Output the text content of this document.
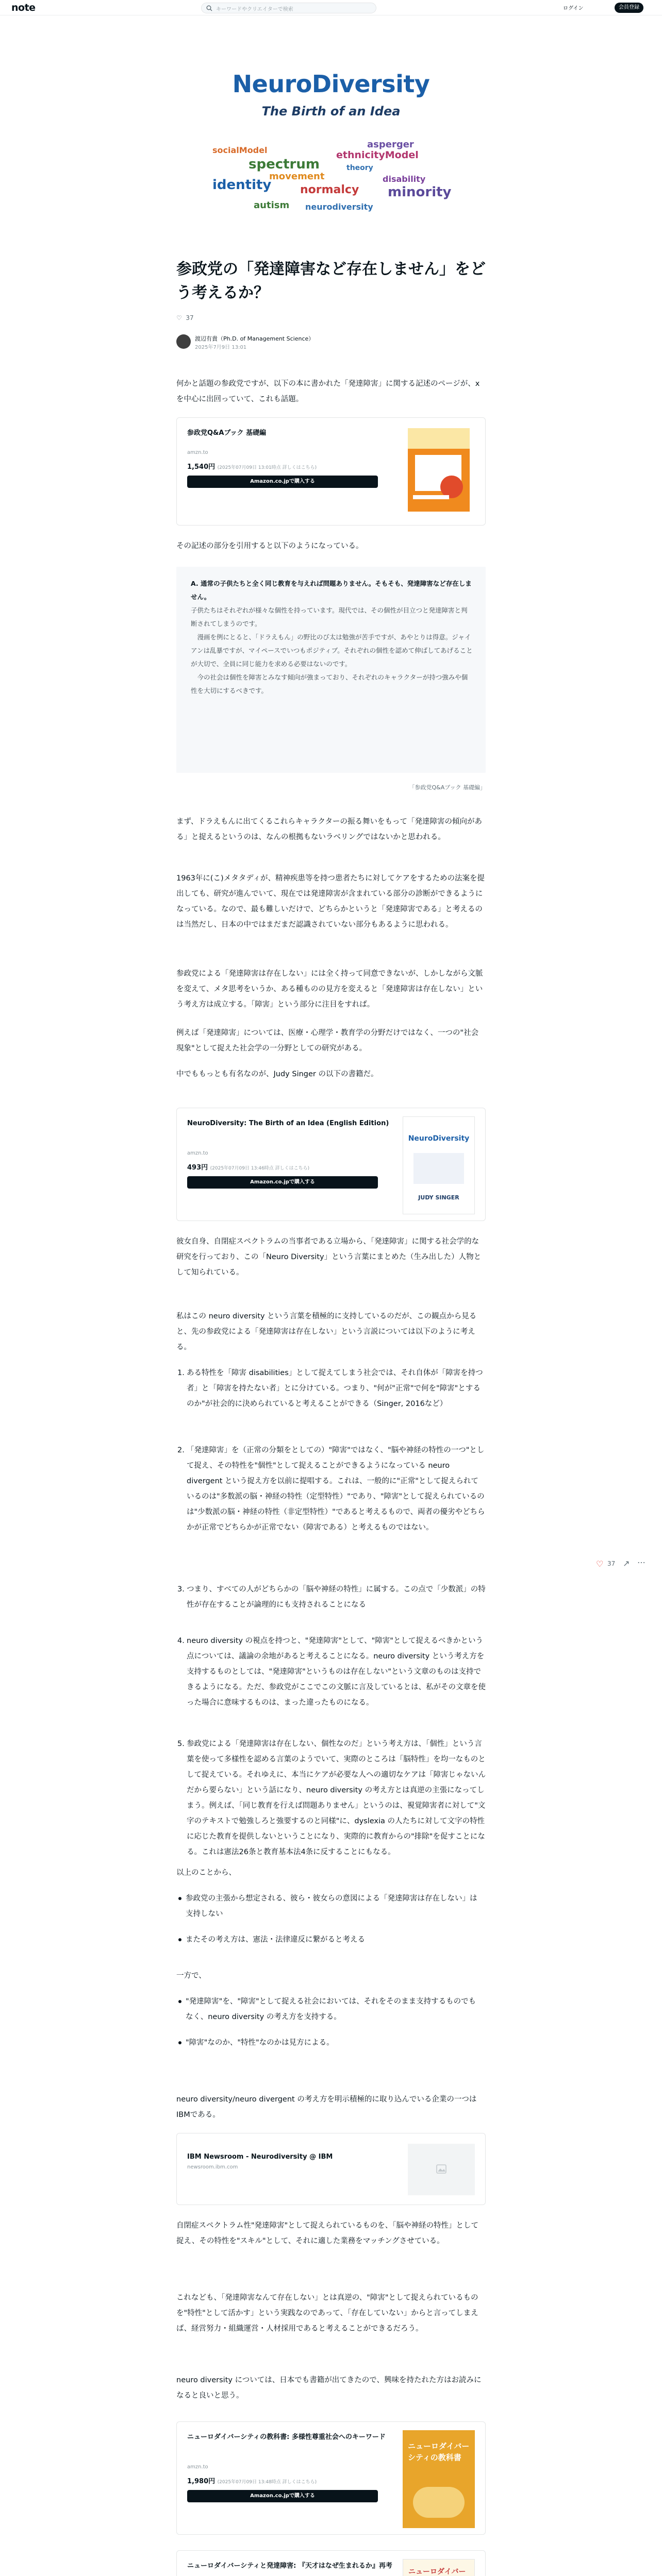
note	キーワードやクリエイターで検索	ログイン	会員登録
NeuroDiversity
The Birth of an Idea
asperger
socialModel	ethnicityModel
spectrum	theory
disability
identity	normalcy minority
movement
autism neurodiversity
参政党の「発達障害など存在しません」をどう考えるか？
♡ 37
渡辺有貴（Ph.D. of Management Science）
2025年7月9日 13:01

何かと話題の参政党ですが、以下の本に書かれた「発達障害」に関する記述のページが、xを中心に出回っていて、これも話題。

参政党Q&Aブック 基礎編
amzn.to
1,540円 (2025年07月09日 13:01時点 詳しくはこちら)
Amazon.co.jpで購入する

その記述の部分を引用すると以下のようになっている。

A. 通常の子供たちと全く同じ教育を与えれば問題ありません。そもそも、発達障害など存在しません。
子供たちはそれぞれが様々な個性を持っています。現代では、その個性が目立つと発達障害と判断されてしまうのです。
　漫画を例にとると、「ドラえもん」の野比のび太は勉強が苦手ですが、あやとりは得意。ジャイアンは乱暴ですが、マイペースでいつもポジティブ。それぞれの個性を認めて伸ばしてあげることが大切で、全員に同じ能力を求める必要はないのです。
　今の社会は個性を障害とみなす傾向が強まっており、それぞれのキャラクターが持つ強みや個性を大切にするべきです。
「参政党Q&Aブック 基礎編」

まず、ドラえもんに出てくるこれらキャラクターの振る舞いをもって「発達障害の傾向がある」と捉えるというのは、なんの根拠もないラベリングではないかと思われる。

1963年に(こ)メタタディが、精神疾患等を持つ患者たちに対してケアをするための法案を提出しても、研究が進んでいて、現在では発達障害が含まれている部分の診断ができるようになっている。なので、最も難しいだけで、どちらかというと「発達障害である」と考えるのは当然だし、日本の中ではまだまだ認識されていない部分もあるように思われる。

参政党による「発達障害は存在しない」には全く持って同意できないが、しかしながら文脈を変えて、メタ思考をいうか、ある種ものの見方を変えると「発達障害は存在しない」という考え方は成立する。「障害」という部分に注目をすれば。

例えば「発達障害」については、医療・心理学・教育学の分野だけではなく、一つの"社会現象"として捉えた社会学の一分野としての研究がある。

中でももっとも有名なのが、Judy Singer の以下の書籍だ。

NeuroDiversity: The Birth of an Idea (English Edition)
amzn.to
493円 (2025年07月09日 13:46時点 詳しくはこちら)
Amazon.co.jpで購入する
NeuroDiversity
JUDY SINGER

彼女自身、自閉症スペクトラムの当事者である立場から、「発達障害」に関する社会学的な研究を行っており、この「Neuro Diversity」という言葉にまとめた（生み出した）人物として知られている。

私はこの neuro diversity という言葉を積極的に支持しているのだが、この観点から見ると、先の参政党による「発達障害は存在しない」という言説については以下のように考える。

1. ある特性を「障害 disabilities」として捉えてしまう社会では、それ自体が「障害を持つ者」と「障害を持たない者」とに分けている。つまり、"何が"正常"で何を"障害"とするのか"が社会的に決められていると考えることができる（Singer, 2016など）
2. 「発達障害」を（正常の分類をとしての）"障害"ではなく、"脳や神経の特性の一つ"として捉え、その特性を"個性"として捉えることができるようになっている neuro divergent という捉え方を以前に提唱する。これは、一般的に"正常"として捉えられているのは"多数派の脳・神経の特性（定型特性）"であり、"障害"として捉えられているのは"少数派の脳・神経の特性（非定型特性）"であると考えるもので、両者の優劣やどちらかが正常でどちらかが正常でない（障害である）と考えるものではない。
3. つまり、すべての人がどちらかの「脳や神経の特性」に属する。この点で「少数派」の特性が存在することが論理的にも支持されることになる
4. neuro diversity の視点を持つと、"発達障害"として、"障害"として捉えるべきかという点については、議論の余地があると考えることになる。neuro diversity という考え方を支持するものとしては、"発達障害"というものは存在しない"という文章のものは支持できるようになる。ただ、参政党がここでこの文脈に言及しているとは、私がその文章を使った場合に意味するものは、まった違ったものになる。
5. 参政党による「発達障害は存在しない、個性なのだ」という考え方は、「個性」という言葉を使って多様性を認める言葉のようでいて、実際のところは「脳特性」を均一なものとして捉えている。それゆえに、本当にケアが必要な人への適切なケアは「障害じゃないんだから要らない」という話になり、neuro diversity の考え方とは真逆の主張になってしまう。例えば、「同じ教育を行えば問題ありません」というのは、視覚障害者に対して"文字のテキストで勉強しろと強要するのと同様"に、dyslexia の人たちに対して文字の特性に応じた教育を提供しないということになり、実際的に教育からの"排除"を促すことになる。これは憲法26条と教育基本法4条に反することにもなる。

以上のことから、

参政党の主張から想定される、彼ら・彼女らの意図による「発達障害は存在しない」は支持しない
またその考え方は、憲法・法律違反に繋がると考える

一方で、

"発達障害"を、"障害"として捉える社会においては、それをそのまま支持するものでもなく、neuro diversity の考え方を支持する。
"障害"なのか、"特性"なのかは見方による。

neuro diversity/neuro divergent の考え方を明示積極的に取り込んでいる企業の一つはIBMである。

IBM Newsroom - Neurodiversity @ IBM
newsroom.ibm.com

自閉症スペクトラム性"発達障害"として捉えられているものを、「脳や神経の特性」として捉え、その特性を"スキル"として、それに適した業務をマッチングさせている。

これなども、「発達障害なんて存在しない」とは真逆の、"障害"として捉えられているものを"特性"として活かす」という実践なのであって、「存在していない」からと言ってしまえば、経営努力・組織運営・人材採用であると考えることができるだろう。

neuro diversity については、日本でも書籍が出てきたので、興味を持たれた方はお読みになると良いと思う。

ニューロダイバーシティの教科書: 多様性尊重社会へのキーワード
amzn.to
1,980円 (2025年07月09日 13:48時点 詳しくはこちら)
Amazon.co.jpで購入する
ニューロダイバーシティの教科書
ニューロダイバーシティと発達障害: 『天才はなぜ生まれるか』再考
ニューロダイバー
♡ 37 ↗ ⋯
